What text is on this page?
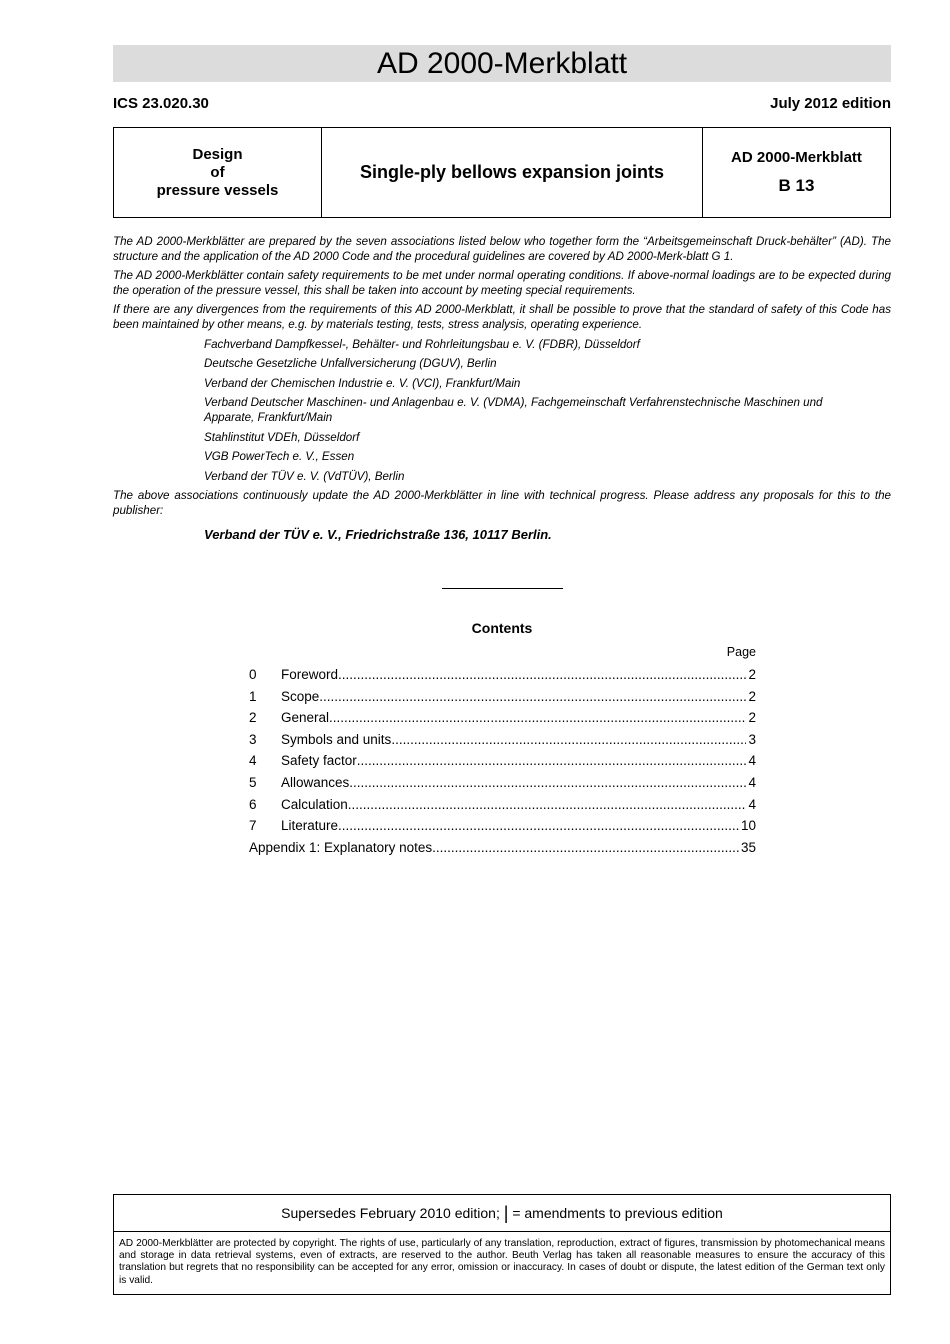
AD 2000-Merkblatt
ICS 23.020.30	July 2012 edition
Design
of
pressure vessels
Single-ply bellows expansion joints
AD 2000-Merkblatt
B 13

The AD 2000-Merkblätter are prepared by the seven associations listed below who together form the “Arbeitsgemeinschaft Druck-behälter” (AD). The structure and the application of the AD 2000 Code and the procedural guidelines are covered by AD 2000-Merk-blatt G 1.

The AD 2000-Merkblätter contain safety requirements to be met under normal operating conditions. If above-normal loadings are to be expected during the operation of the pressure vessel, this shall be taken into account by meeting special requirements.

If there are any divergences from the requirements of this AD 2000-Merkblatt, it shall be possible to prove that the standard of safety of this Code has been maintained by other means, e.g. by materials testing, tests, stress analysis, operating experience.

Fachverband Dampfkessel-, Behälter- und Rohrleitungsbau e. V. (FDBR), Düsseldorf
Deutsche Gesetzliche Unfallversicherung (DGUV), Berlin
Verband der Chemischen Industrie e. V. (VCI), Frankfurt/Main
Verband Deutscher Maschinen- und Anlagenbau e. V. (VDMA), Fachgemeinschaft Verfahrenstechnische Maschinen und Apparate, Frankfurt/Main
Stahlinstitut VDEh, Düsseldorf
VGB PowerTech e. V., Essen
Verband der TÜV e. V. (VdTÜV), Berlin

The above associations continuously update the AD 2000-Merkblätter in line with technical progress. Please address any proposals for this to the publisher:

Verband der TÜV e. V., Friedrichstraße 136, 10117 Berlin.
Contents
Page
0	Foreword .....	2
1	Scope .....	2
2	General .....	2
3	Symbols and units .....	3
4	Safety factor .....	4
5	Allowances .....	4
6	Calculation .....	4
7	Literature .....	10
Appendix 1: Explanatory notes .....	35
Supersedes February 2010 edition; | = amendments to previous edition
AD 2000-Merkblätter are protected by copyright. The rights of use, particularly of any translation, reproduction, extract of figures, transmission by photomechanical means and storage in data retrieval systems, even of extracts, are reserved to the author. Beuth Verlag has taken all reasonable measures to ensure the accuracy of this translation but regrets that no responsibility can be accepted for any error, omission or inaccuracy. In cases of doubt or dispute, the latest edition of the German text only is valid.
